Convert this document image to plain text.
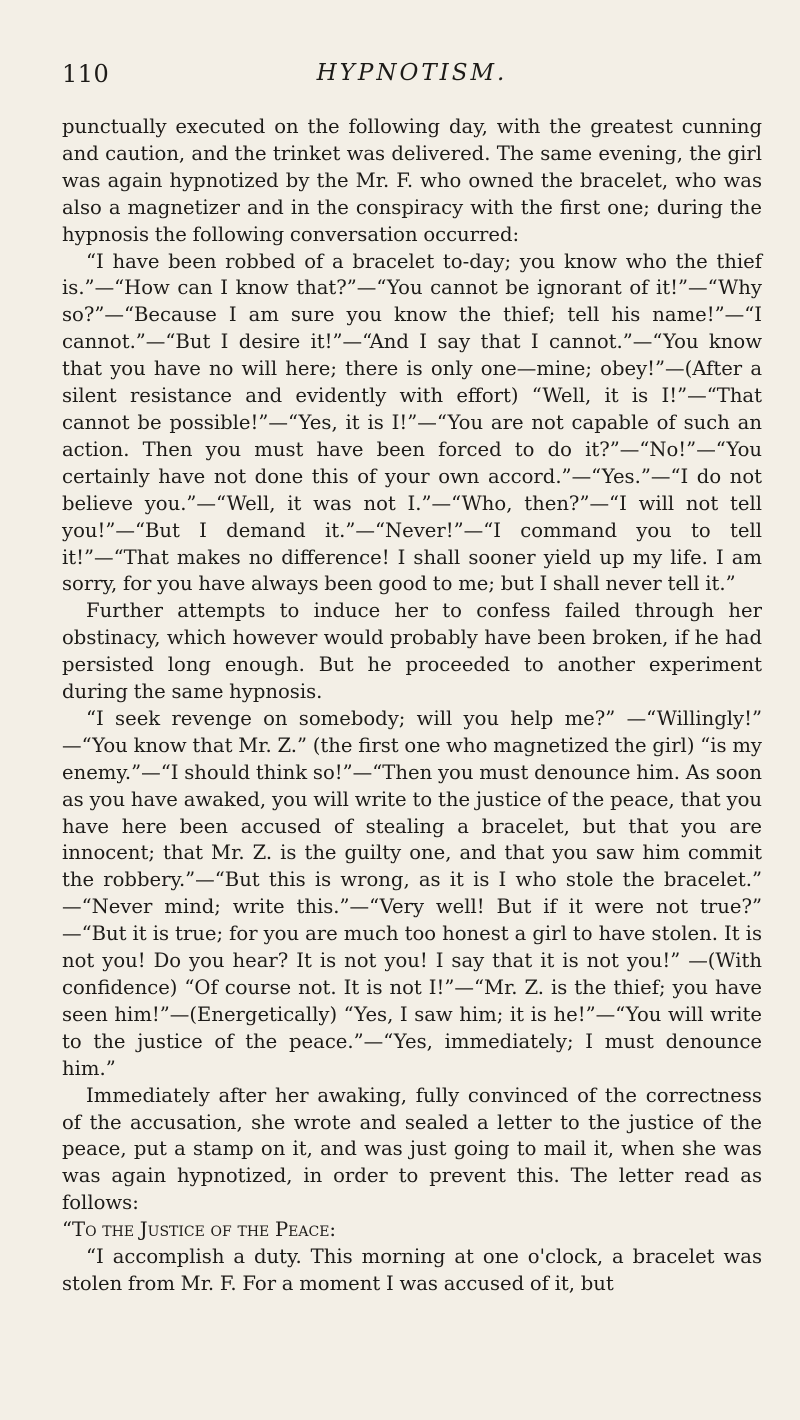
110	HYPNOTISM.

punctually executed on the following day, with the greatest cunning and caution, and the trinket was delivered. The same evening, the girl was again hypnotized by the Mr. F. who owned the bracelet, who was also a magnetizer and in the conspiracy with the first one; during the hypnosis the following conversation occurred:

“I have been robbed of a bracelet to-day; you know who the thief is.”—“How can I know that?”—“You cannot be ignorant of it!”—“Why so?”—“Because I am sure you know the thief; tell his name!”—“I cannot.”—“But I desire it!”—“And I say that I cannot.”—“You know that you have no will here; there is only one—mine; obey!”—(After a silent resistance and evidently with effort) “Well, it is I!”—“That cannot be possible!”—“Yes, it is I!”—“You are not capable of such an action. Then you must have been forced to do it?”—“No!”—“You certainly have not done this of your own accord.”—“Yes.”—“I do not believe you.”—“Well, it was not I.”—“Who, then?”—“I will not tell you!”—“But I demand it.”—“Never!”—“I command you to tell it!”—“That makes no difference! I shall sooner yield up my life. I am sorry, for you have always been good to me; but I shall never tell it.”

Further attempts to induce her to confess failed through her obstinacy, which however would probably have been broken, if he had persisted long enough. But he proceeded to another experiment during the same hypnosis.

“I seek revenge on somebody; will you help me?” —“Willingly!” —“You know that Mr. Z.” (the first one who magnetized the girl) “is my enemy.”—“I should think so!”—“Then you must denounce him. As soon as you have awaked, you will write to the justice of the peace, that you have here been accused of stealing a bracelet, but that you are innocent; that Mr. Z. is the guilty one, and that you saw him commit the robbery.”—“But this is wrong, as it is I who stole the bracelet.” —“Never mind; write this.”—“Very well! But if it were not true?” —“But it is true; for you are much too honest a girl to have stolen. It is not you! Do you hear? It is not you! I say that it is not you!” —(With confidence) “Of course not. It is not I!”—“Mr. Z. is the thief; you have seen him!”—(Energetically) “Yes, I saw him; it is he!”—“You will write to the justice of the peace.”—“Yes, immediately; I must denounce him.”

Immediately after her awaking, fully convinced of the correctness of the accusation, she wrote and sealed a letter to the justice of the peace, put a stamp on it, and was just going to mail it, when she was was again hypnotized, in order to prevent this. The letter read as follows:

“To the Justice of the Peace:

“I accomplish a duty. This morning at one o'clock, a bracelet was stolen from Mr. F. For a moment I was accused of it, but
